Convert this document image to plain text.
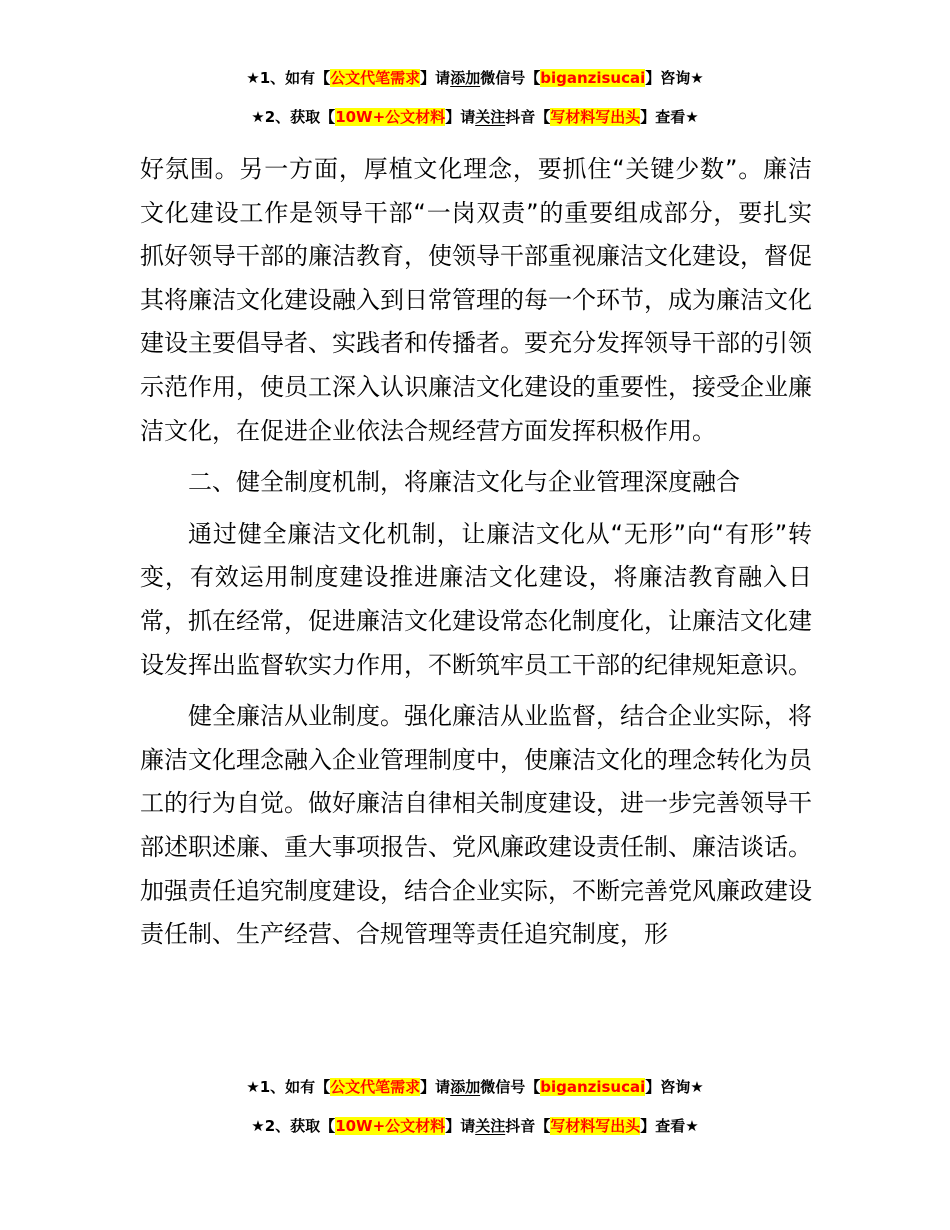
★1、如有【公文代笔需求】请添加微信号【biganzisucai】咨询★
★2、获取【10W+公文材料】请关注抖音【写材料写出头】查看★

好氛围。另一方面，厚植文化理念，要抓住“关键少数”。廉洁文化建设工作是领导干部“一岗双责”的重要组成部分，要扎实抓好领导干部的廉洁教育，使领导干部重视廉洁文化建设，督促其将廉洁文化建设融入到日常管理的每一个环节，成为廉洁文化建设主要倡导者、实践者和传播者。要充分发挥领导干部的引领示范作用，使员工深入认识廉洁文化建设的重要性，接受企业廉洁文化，在促进企业依法合规经营方面发挥积极作用。

二、健全制度机制，将廉洁文化与企业管理深度融合

通过健全廉洁文化机制，让廉洁文化从“无形”向“有形”转变，有效运用制度建设推进廉洁文化建设，将廉洁教育融入日常，抓在经常，促进廉洁文化建设常态化制度化，让廉洁文化建设发挥出监督软实力作用，不断筑牢员工干部的纪律规矩意识。

健全廉洁从业制度。强化廉洁从业监督，结合企业实际，将廉洁文化理念融入企业管理制度中，使廉洁文化的理念转化为员工的行为自觉。做好廉洁自律相关制度建设，进一步完善领导干部述职述廉、重大事项报告、党风廉政建设责任制、廉洁谈话。加强责任追究制度建设，结合企业实际，不断完善党风廉政建设责任制、生产经营、合规管理等责任追究制度，形

★1、如有【公文代笔需求】请添加微信号【biganzisucai】咨询★
★2、获取【10W+公文材料】请关注抖音【写材料写出头】查看★
